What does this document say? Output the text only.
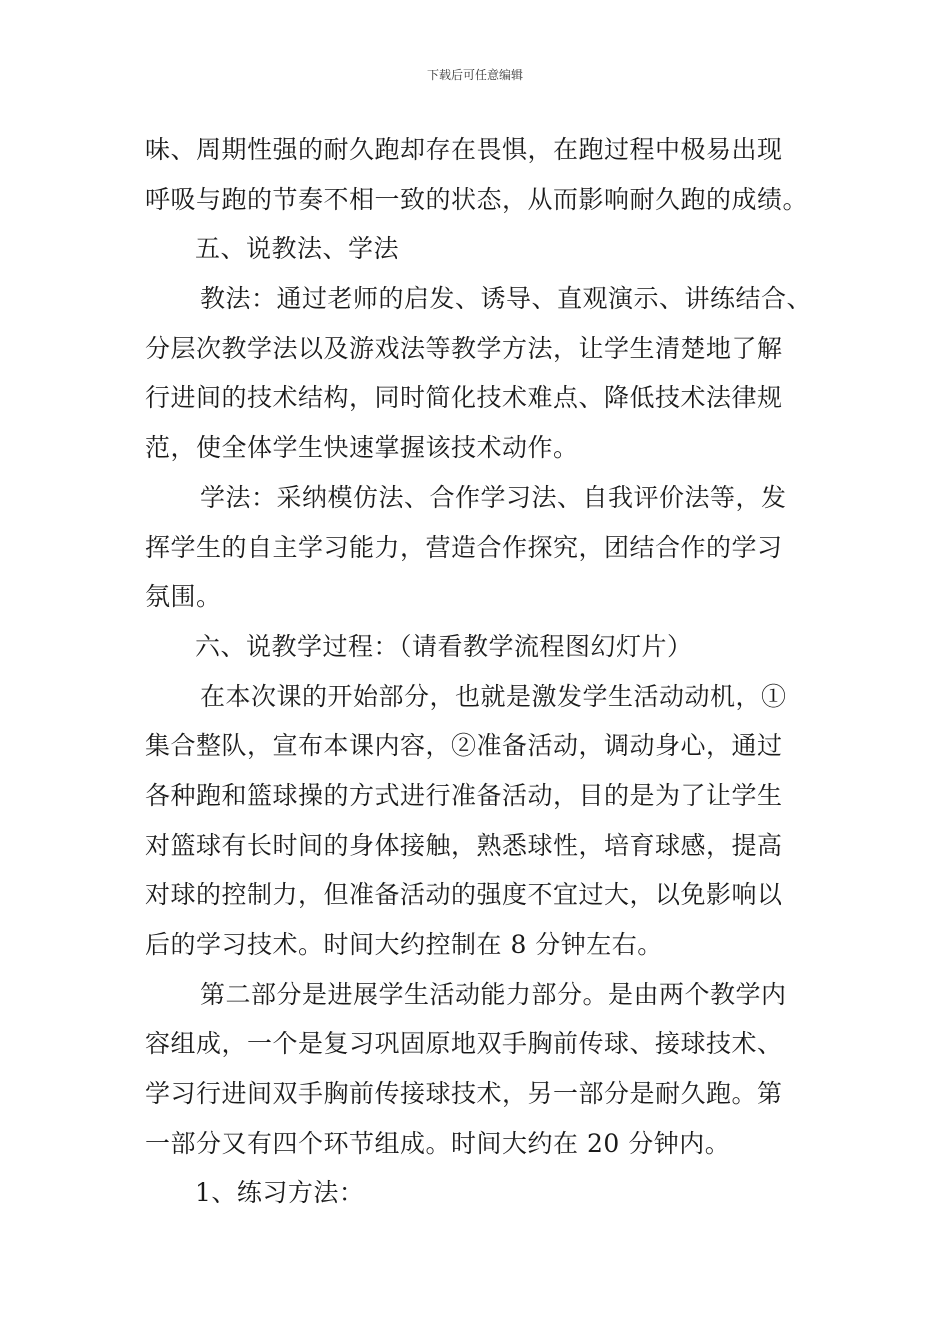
下载后可任意编辑
味、周期性强的耐久跑却存在畏惧，在跑过程中极易出现
呼吸与跑的节奏不相一致的状态，从而影响耐久跑的成绩。
五、说教法、学法
教法：通过老师的启发、诱导、直观演示、讲练结合、
分层次教学法以及游戏法等教学方法，让学生清楚地了解
行进间的技术结构，同时简化技术难点、降低技术法律规
范，使全体学生快速掌握该技术动作。
学法：采纳模仿法、合作学习法、自我评价法等，发
挥学生的自主学习能力，营造合作探究，团结合作的学习
氛围。
六、说教学过程：（请看教学流程图幻灯片）
在本次课的开始部分，也就是激发学生活动动机，①
集合整队，宣布本课内容，②准备活动，调动身心，通过
各种跑和篮球操的方式进行准备活动，目的是为了让学生
对篮球有长时间的身体接触，熟悉球性，培育球感，提高
对球的控制力，但准备活动的强度不宜过大，以免影响以
后的学习技术。时间大约控制在 8 分钟左右。
第二部分是进展学生活动能力部分。是由两个教学内
容组成，一个是复习巩固原地双手胸前传球、接球技术、
学习行进间双手胸前传接球技术，另一部分是耐久跑。第
一部分又有四个环节组成。时间大约在 20 分钟内。
1、练习方法：
